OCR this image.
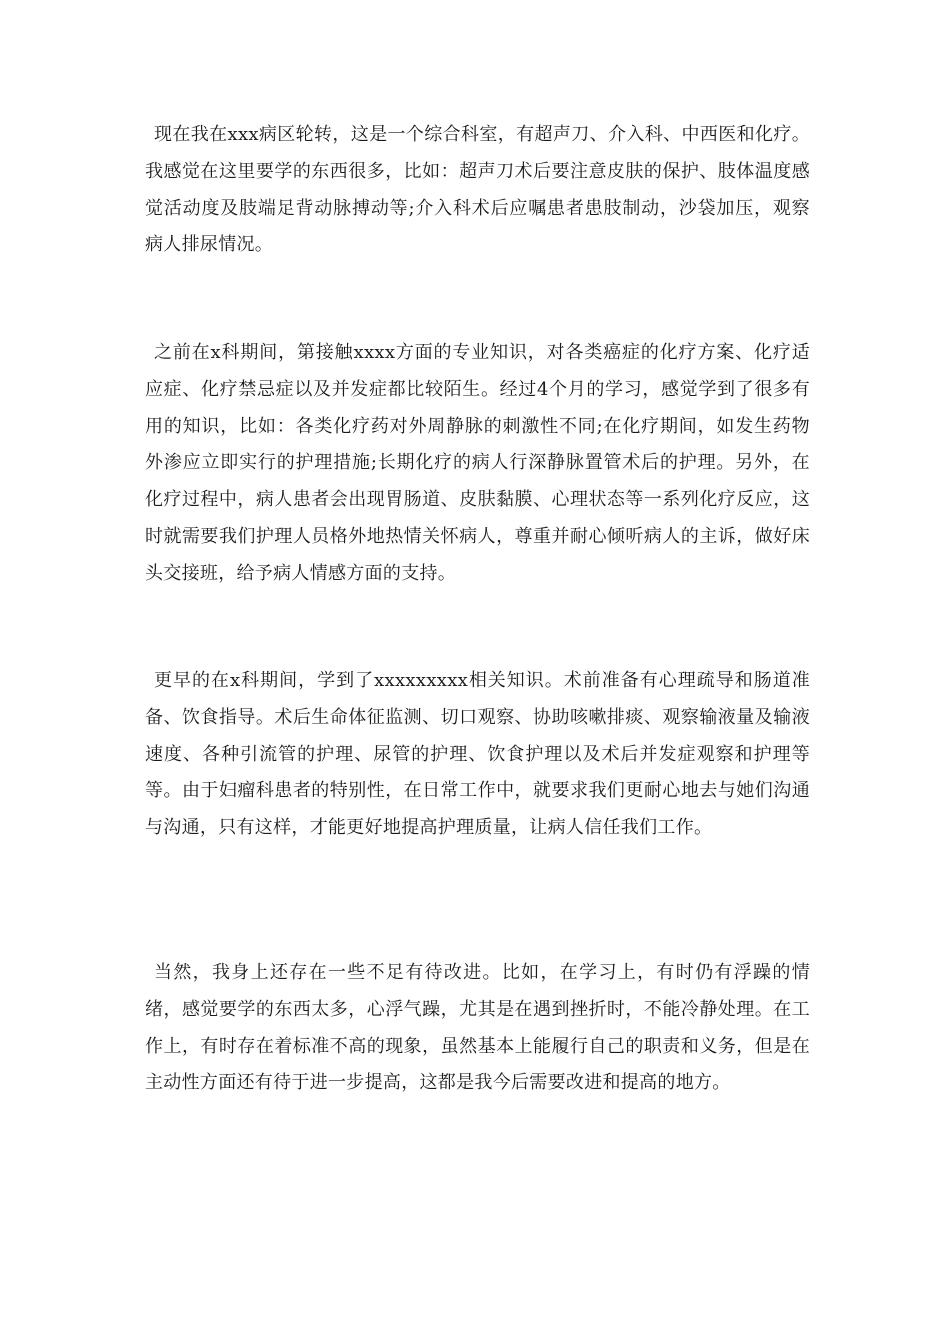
现在我在xxx病区轮转，这是一个综合科室，有超声刀、介入科、中西医和化疗。我感觉在这里要学的东西很多，比如：超声刀术后要注意皮肤的保护、肢体温度感觉活动度及肢端足背动脉搏动等;介入科术后应嘱患者患肢制动，沙袋加压，观察病人排尿情况。

之前在x科期间，第接触xxxx方面的专业知识，对各类癌症的化疗方案、化疗适应症、化疗禁忌症以及并发症都比较陌生。经过4个月的学习，感觉学到了很多有用的知识，比如：各类化疗药对外周静脉的刺激性不同;在化疗期间，如发生药物外渗应立即实行的护理措施;长期化疗的病人行深静脉置管术后的护理。另外，在化疗过程中，病人患者会出现胃肠道、皮肤黏膜、心理状态等一系列化疗反应，这时就需要我们护理人员格外地热情关怀病人，尊重并耐心倾听病人的主诉，做好床头交接班，给予病人情感方面的支持。

更早的在x科期间，学到了xxxxxxxxx相关知识。术前准备有心理疏导和肠道准备、饮食指导。术后生命体征监测、切口观察、协助咳嗽排痰、观察输液量及输液速度、各种引流管的护理、尿管的护理、饮食护理以及术后并发症观察和护理等等。由于妇瘤科患者的特别性，在日常工作中，就要求我们更耐心地去与她们沟通与沟通，只有这样，才能更好地提高护理质量，让病人信任我们工作。

当然，我身上还存在一些不足有待改进。比如，在学习上，有时仍有浮躁的情绪，感觉要学的东西太多，心浮气躁，尤其是在遇到挫折时，不能冷静处理。在工作上，有时存在着标准不高的现象，虽然基本上能履行自己的职责和义务，但是在主动性方面还有待于进一步提高，这都是我今后需要改进和提高的地方。
